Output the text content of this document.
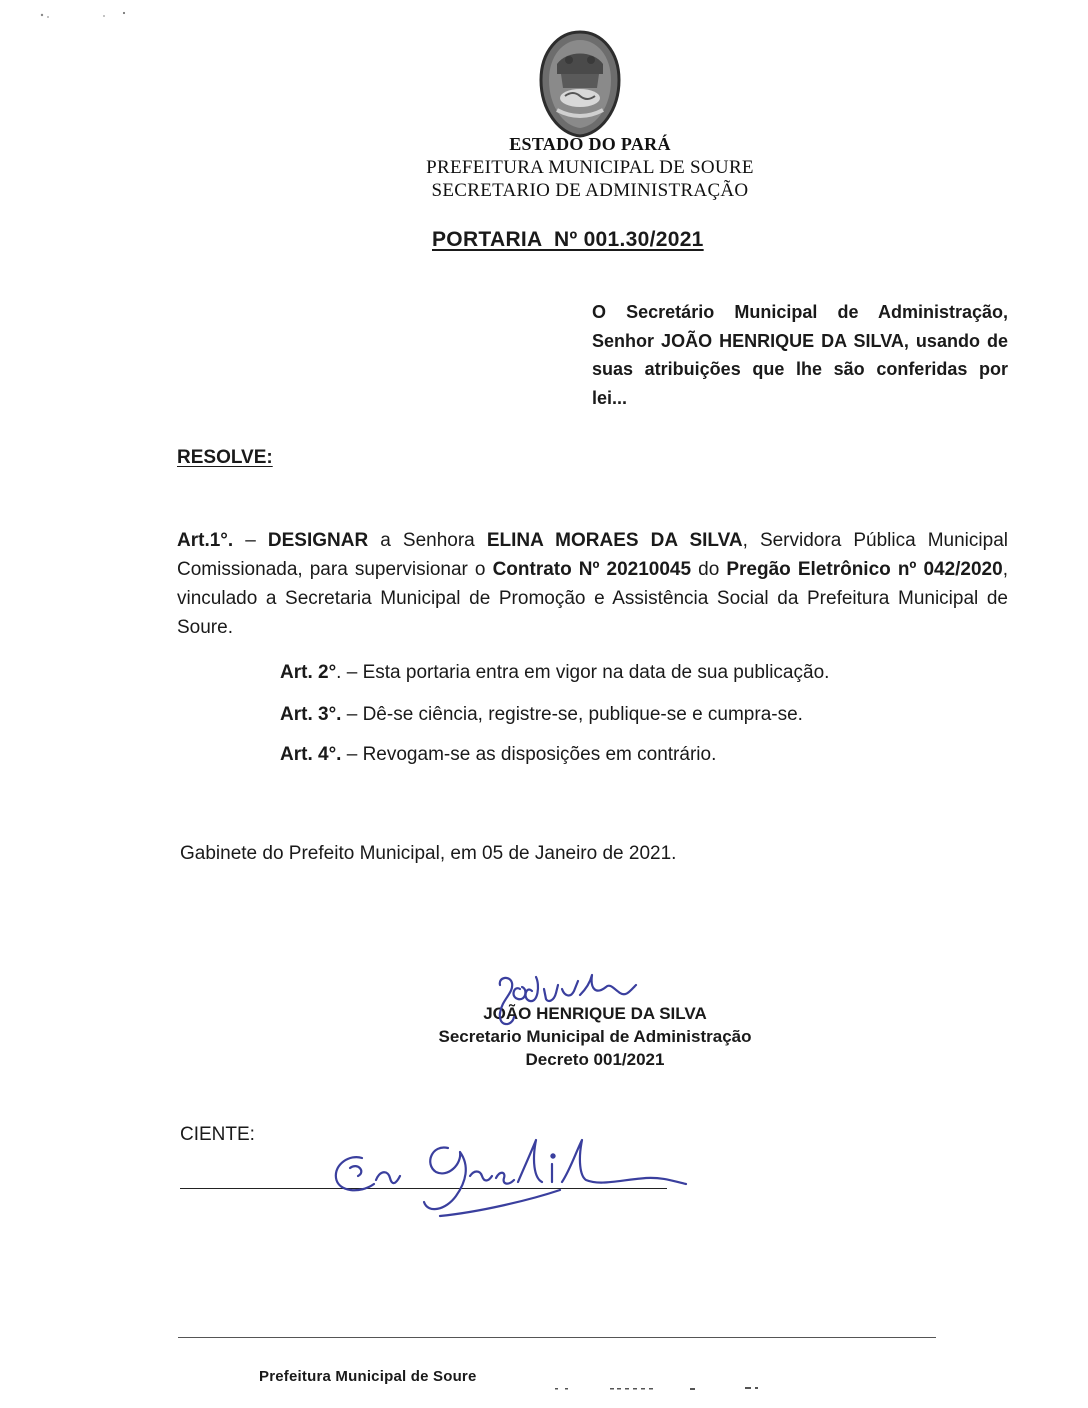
ESTADO DO PARÁ
PREFEITURA MUNICIPAL DE SOURE
SECRETARIO DE ADMINISTRAÇÃO
PORTARIA  Nº 001.30/2021
O Secretário Municipal de Administração, Senhor JOÃO HENRIQUE DA SILVA, usando de suas atribuições que lhe são conferidas por lei...
RESOLVE:
Art.1°. – DESIGNAR a Senhora ELINA MORAES DA SILVA, Servidora Pública Municipal Comissionada, para supervisionar o Contrato Nº 20210045 do Pregão Eletrônico nº 042/2020, vinculado a Secretaria Municipal de Promoção e Assistência Social da Prefeitura Municipal de Soure.
Art. 2°. – Esta portaria entra em vigor na data de sua publicação.
Art. 3°. – Dê-se ciência, registre-se, publique-se e cumpra-se.
Art. 4°. – Revogam-se as disposições em contrário.
Gabinete do Prefeito Municipal, em 05 de Janeiro de 2021.
JOÃO HENRIQUE DA SILVA
Secretario Municipal de Administração
Decreto 001/2021
CIENTE:
Prefeitura Municipal de Soure
